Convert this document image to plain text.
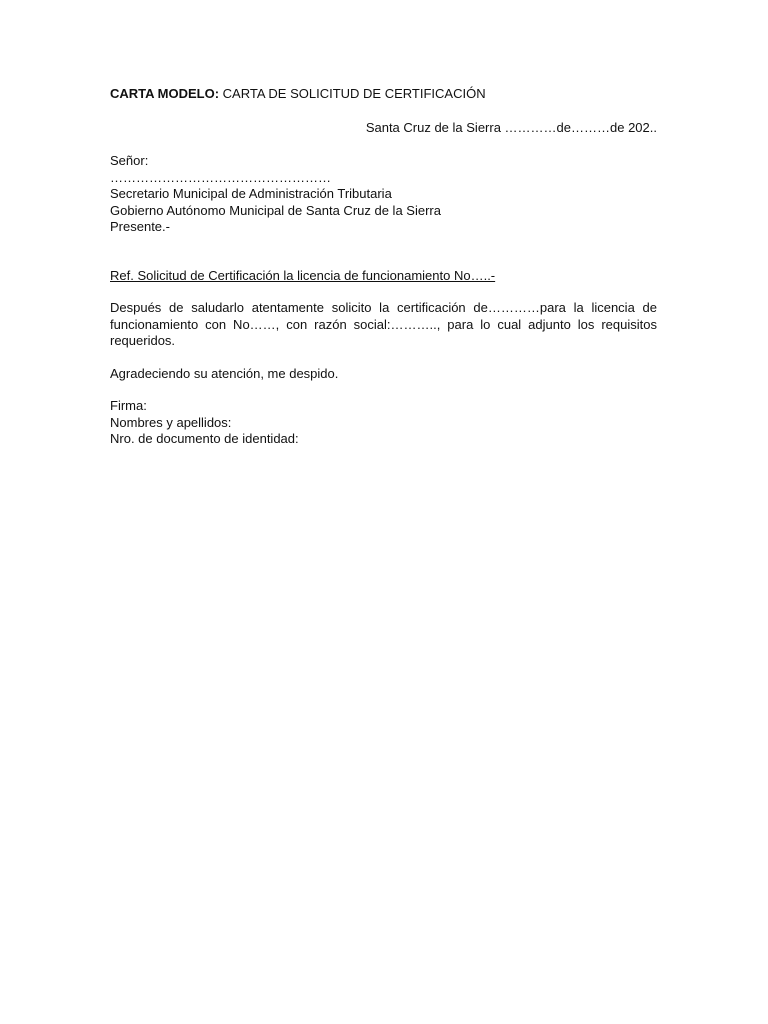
CARTA MODELO: CARTA DE SOLICITUD DE CERTIFICACIÓN

Santa Cruz de la Sierra …………de………de 202..
Señor:
……………………………………………
Secretario Municipal de Administración Tributaria
Gobierno Autónomo Municipal de Santa Cruz de la Sierra
Presente.-
Ref. Solicitud de Certificación la licencia de funcionamiento No…..-
Después de saludarlo atentamente solicito la certificación de…………para la licencia de funcionamiento con No……, con razón social:……….., para lo cual adjunto los requisitos requeridos.
Agradeciendo su atención, me despido.
Firma:
Nombres y apellidos:
Nro. de documento de identidad:
